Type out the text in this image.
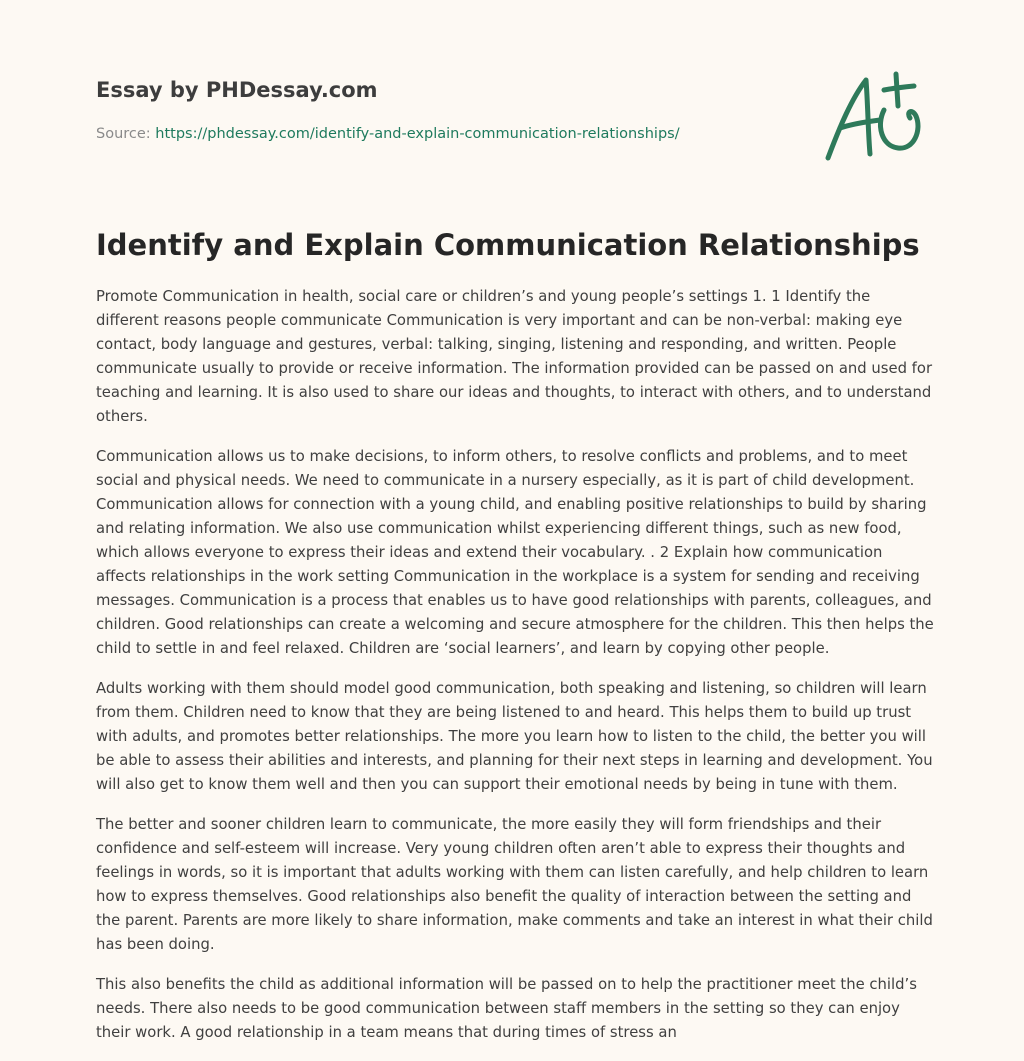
Essay by PHDessay.com
Source: https://phdessay.com/identify-and-explain-communication-relationships/
Identify and Explain Communication Relationships

Promote Communication in health, social care or children’s and young people’s settings 1. 1 Identify the different reasons people communicate Communication is very important and can be non-verbal: making eye contact, body language and gestures, verbal: talking, singing, listening and responding, and written. People communicate usually to provide or receive information. The information provided can be passed on and used for teaching and learning. It is also used to share our ideas and thoughts, to interact with others, and to understand others.

Communication allows us to make decisions, to inform others, to resolve conflicts and problems, and to meet social and physical needs. We need to communicate in a nursery especially, as it is part of child development. Communication allows for connection with a young child, and enabling positive relationships to build by sharing and relating information. We also use communication whilst experiencing different things, such as new food, which allows everyone to express their ideas and extend their vocabulary. . 2 Explain how communication affects relationships in the work setting Communication in the workplace is a system for sending and receiving messages. Communication is a process that enables us to have good relationships with parents, colleagues, and children. Good relationships can create a welcoming and secure atmosphere for the children. This then helps the child to settle in and feel relaxed. Children are ‘social learners’, and learn by copying other people.

Adults working with them should model good communication, both speaking and listening, so children will learn from them. Children need to know that they are being listened to and heard. This helps them to build up trust with adults, and promotes better relationships. The more you learn how to listen to the child, the better you will be able to assess their abilities and interests, and planning for their next steps in learning and development. You will also get to know them well and then you can support their emotional needs by being in tune with them.

The better and sooner children learn to communicate, the more easily they will form friendships and their confidence and self-esteem will increase. Very young children often aren’t able to express their thoughts and feelings in words, so it is important that adults working with them can listen carefully, and help children to learn how to express themselves. Good relationships also benefit the quality of interaction between the setting and the parent. Parents are more likely to share information, make comments and take an interest in what their child has been doing.

This also benefits the child as additional information will be passed on to help the practitioner meet the child’s needs. There also needs to be good communication between staff members in the setting so they can enjoy their work. A good relationship in a team means that during times of stress an
